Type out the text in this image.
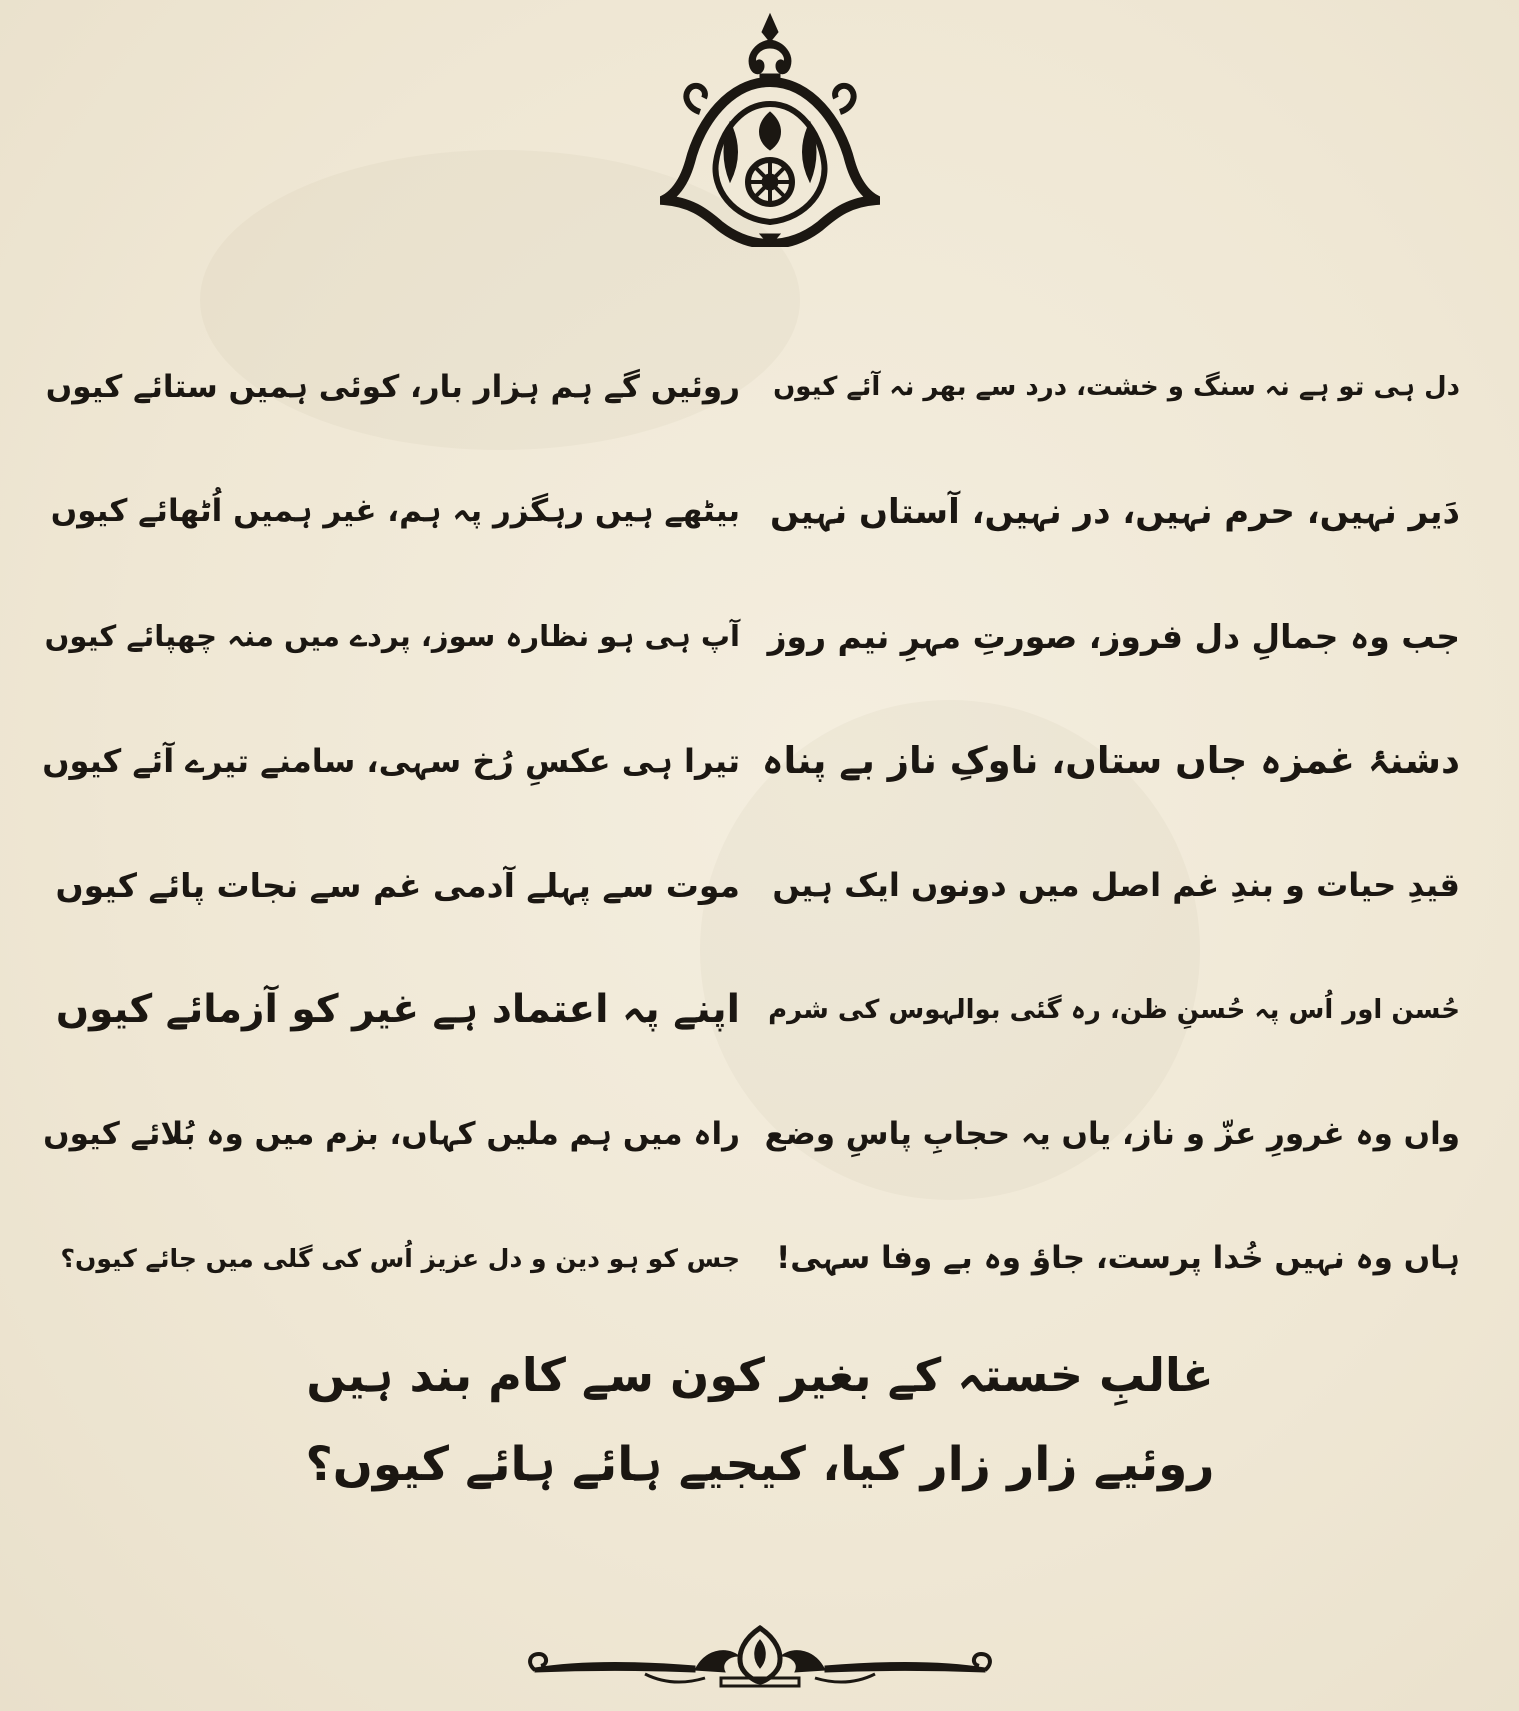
دل ہی تو ہے نہ سنگ و خشت، درد سے بھر نہ آئے کیوں
روئیں گے ہم ہزار بار، کوئی ہمیں ستائے کیوں
دَیر نہیں، حرم نہیں، در نہیں، آستاں نہیں
بیٹھے ہیں رہگزر پہ ہم، غیر ہمیں اُٹھائے کیوں
جب وہ جمالِ دل فروز، صورتِ مہرِ نیم روز
آپ ہی ہو نظارہ سوز، پردے میں منہ چھپائے کیوں
دشنۂ غمزہ جاں ستاں، ناوکِ ناز بے پناہ
تیرا ہی عکسِ رُخ سہی، سامنے تیرے آئے کیوں
قیدِ حیات و بندِ غم اصل میں دونوں ایک ہیں
موت سے پہلے آدمی غم سے نجات پائے کیوں
حُسن اور اُس پہ حُسنِ ظن، رہ گئی بوالہوس کی شرم
اپنے پہ اعتماد ہے غیر کو آزمائے کیوں
واں وہ غرورِ عزّ و ناز، یاں یہ حجابِ پاسِ وضع
راہ میں ہم ملیں کہاں، بزم میں وہ بُلائے کیوں
ہاں وہ نہیں خُدا پرست، جاؤ وہ بے وفا سہی!
جس کو ہو دین و دل عزیز اُس کی گلی میں جائے کیوں؟
غالبِ خستہ کے بغیر کون سے کام بند ہیں
روئیے زار زار کیا، کیجیے ہائے ہائے کیوں؟
